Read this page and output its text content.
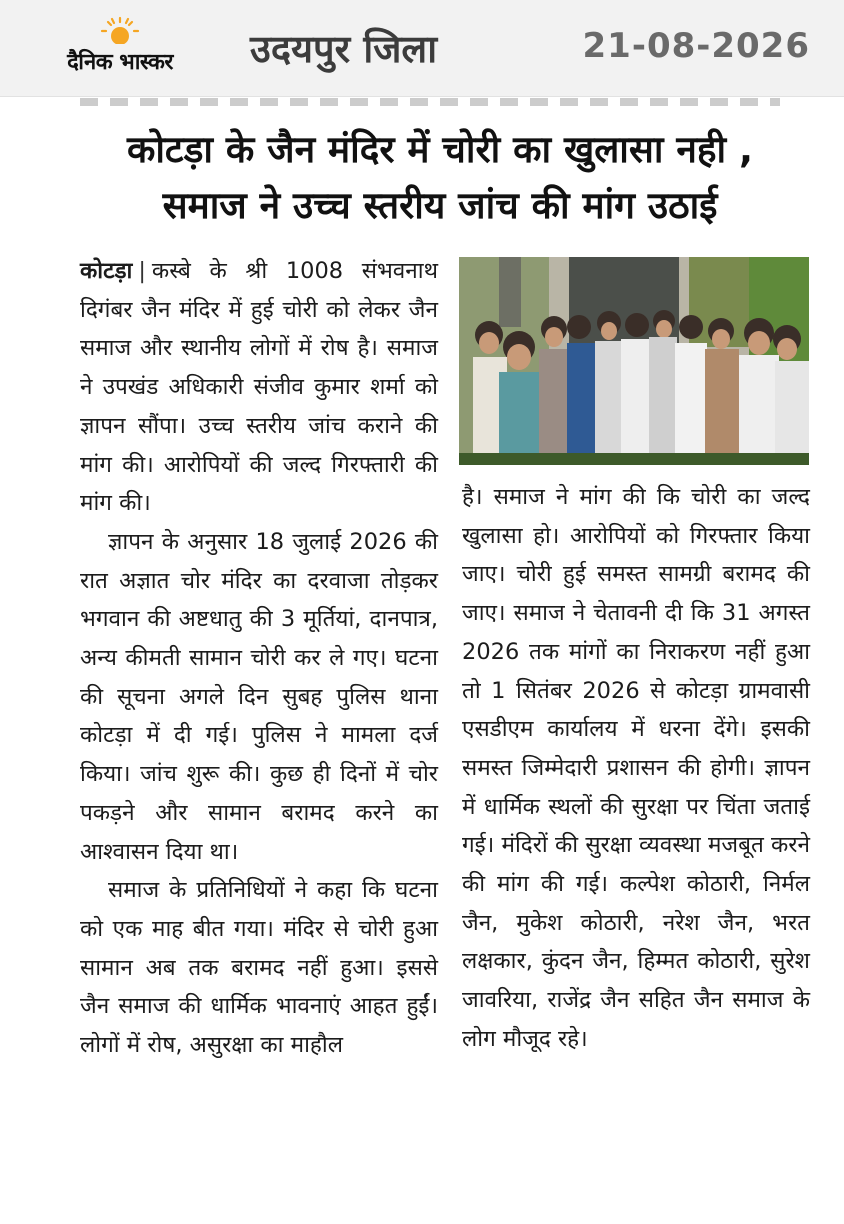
दैनिक भास्कर	उदयपुर जिला	21-08-2026
कोटड़ा के जैन मंदिर में चोरी का खुलासा नही ,
समाज ने उच्च स्तरीय जांच की मांग उठाई

कोटड़ा | कस्बे के श्री 1008 संभवनाथ दिगंबर जैन मंदिर में हुई चोरी को लेकर जैन समाज और स्थानीय लोगों में रोष है। समाज ने उपखंड अधिकारी संजीव कुमार शर्मा को ज्ञापन सौंपा। उच्च स्तरीय जांच कराने की मांग की। आरोपियों की जल्द गिरफ्तारी की मांग की।

ज्ञापन के अनुसार 18 जुलाई 2026 की रात अज्ञात चोर मंदिर का दरवाजा तोड़कर भगवान की अष्टधातु की 3 मूर्तियां, दानपात्र, अन्य कीमती सामान चोरी कर ले गए। घटना की सूचना अगले दिन सुबह पुलिस थाना कोटड़ा में दी गई। पुलिस ने मामला दर्ज किया। जांच शुरू की। कुछ ही दिनों में चोर पकड़ने और सामान बरामद करने का आश्वासन दिया था।

समाज के प्रतिनिधियों ने कहा कि घटना को एक माह बीत गया। मंदिर से चोरी हुआ सामान अब तक बरामद नहीं हुआ। इससे जैन समाज की धार्मिक भावनाएं आहत हुईं। लोगों में रोष, असुरक्षा का माहौल

है। समाज ने मांग की कि चोरी का जल्द खुलासा हो। आरोपियों को गिरफ्तार किया जाए। चोरी हुई समस्त सामग्री बरामद की जाए। समाज ने चेतावनी दी कि 31 अगस्त 2026 तक मांगों का निराकरण नहीं हुआ तो 1 सितंबर 2026 से कोटड़ा ग्रामवासी एसडीएम कार्यालय में धरना देंगे। इसकी समस्त जिम्मेदारी प्रशासन की होगी। ज्ञापन में धार्मिक स्थलों की सुरक्षा पर चिंता जताई गई। मंदिरों की सुरक्षा व्यवस्था मजबूत करने की मांग की गई। कल्पेश कोठारी, निर्मल जैन, मुकेश कोठारी, नरेश जैन, भरत लक्षकार, कुंदन जैन, हिम्मत कोठारी, सुरेश जावरिया, राजेंद्र जैन सहित जैन समाज के लोग मौजूद रहे।
